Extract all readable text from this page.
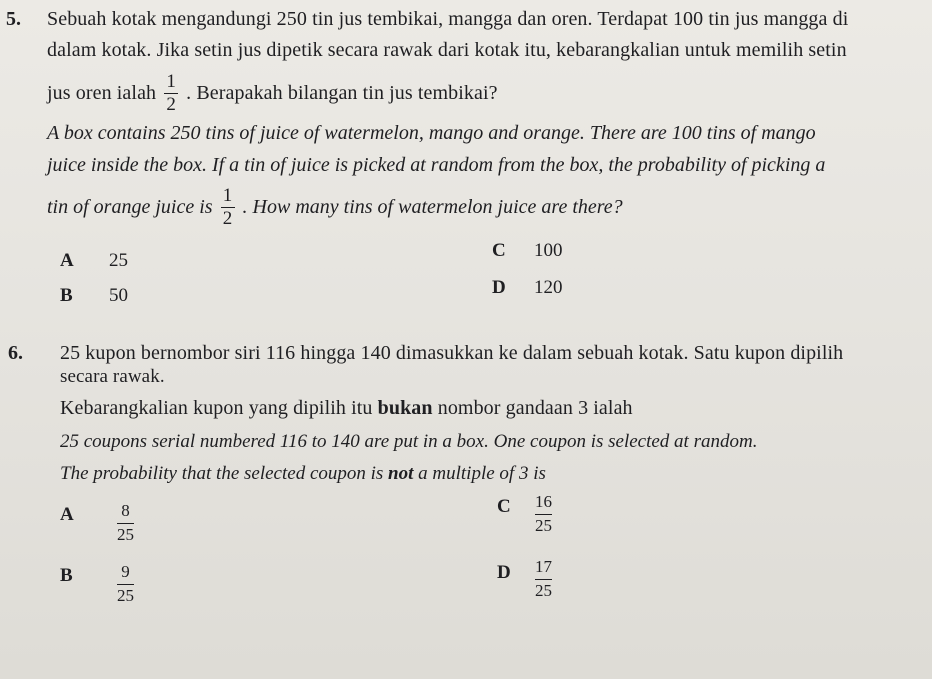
5. Sebuah kotak mengandungi 250 tin jus tembikai, mangga dan oren. Terdapat 100 tin jus mangga di
dalam kotak. Jika setin jus dipetik secara rawak dari kotak itu, kebarangkalian untuk memilih setin
jus oren ialah $\frac{1}{2}$ . Berapakah bilangan tin jus tembikai?
A box contains 250 tins of juice of watermelon, mango and orange. There are 100 tins of mango
juice inside the box. If a tin of juice is picked at random from the box, the probability of picking a
tin of orange juice is $\frac{1}{2}$ . How many tins of watermelon juice are there?
A 25
B 50
C 100
D 120
6. 25 kupon bernombor siri 116 hingga 140 dimasukkan ke dalam sebuah kotak. Satu kupon dipilih
secara rawak.
Kebarangkalian kupon yang dipilih itu bukan nombor gandaan 3 ialah
25 coupons serial numbered 116 to 140 are put in a box. One coupon is selected at random.
The probability that the selected coupon is not a multiple of 3 is
A	8
25
B	9
25
C 16
25
D 17
25
